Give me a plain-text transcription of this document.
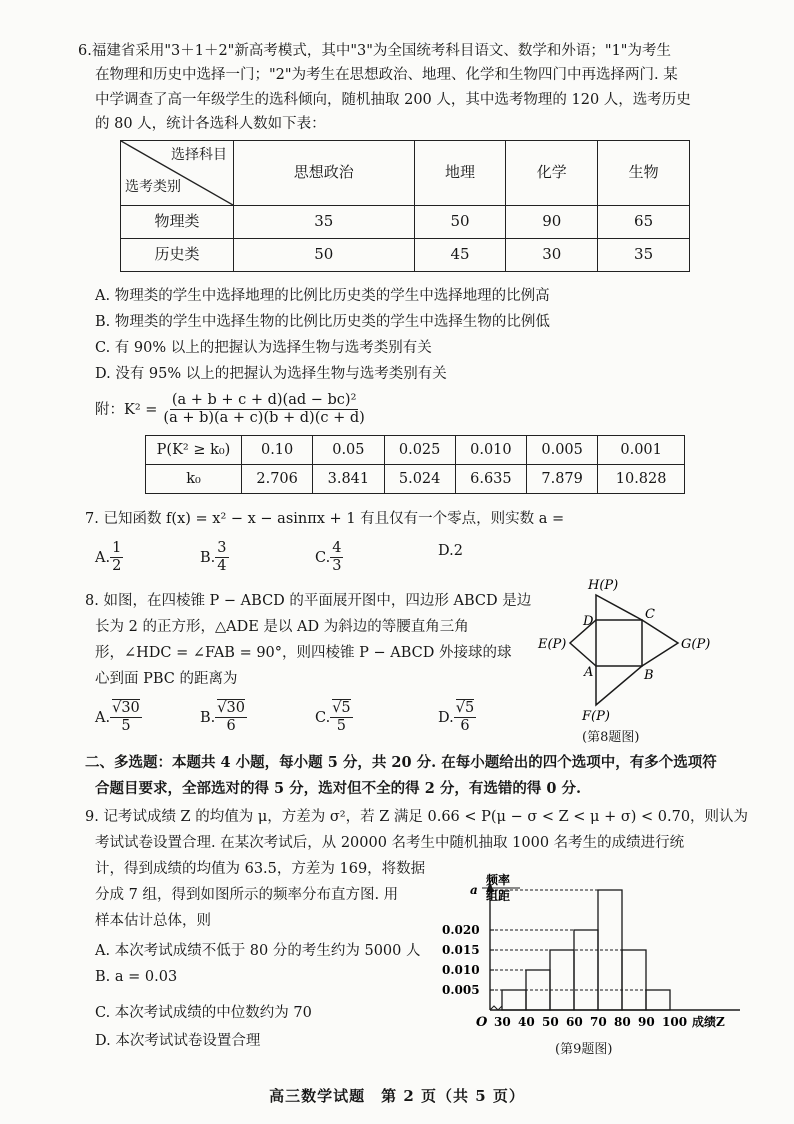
6.福建省采用"3＋1＋2"新高考模式，其中"3"为全国统考科目语文、数学和外语；"1"为考生
在物理和历史中选择一门；"2"为考生在思想政治、地理、化学和生物四门中再选择两门. 某
中学调查了高一年级学生的选科倾向，随机抽取 200 人，其中选考物理的 120 人，选考历史
的 80 人，统计各选科人数如下表：
选择科目
选考类别	思想政治	地理	化学	生物
物理类	35	50	90	65
历史类	50	45	30	35
A. 物理类的学生中选择地理的比例比历史类的学生中选择地理的比例高
B. 物理类的学生中选择生物的比例比历史类的学生中选择生物的比例低
C. 有 90% 以上的把握认为选择生物与选考类别有关
D. 没有 95% 以上的把握认为选择生物与选考类别有关
附：$K^2 = \frac{\text{(a + b + c + d)(ad − bc)²}}{(a + b)(a + c)(b + d)(c + d)}$
P(K² ≥ k₀)	0.10	0.05	0.025	0.010	0.005	0.001
k₀	2.706	3.841	5.024	6.635	7.879	10.828
7. 已知函数 f(x) = x² − x − asinπx + 1 有且仅有一个零点，则实数 a =
A. $\frac{1}{2}$	B. $\frac{3}{4}$	C. $\frac{4}{3}$	D.2
8. 如图，在四棱锥 P − ABCD 的平面展开图中，四边形 ABCD 是边
长为 2 的正方形，△ADE 是以 AD 为斜边的等腰直角三角
形，∠HDC = ∠FAB = 90°，则四棱锥 P − ABCD 外接球的球
心到面 PBC 的距离为
A. $\frac{√30}{5}$	B. $\frac{√30}{6}$	C. $\frac{√5}{5}$	D. $\frac{√5}{6}$
H(P)
D	C
E(P)	G(P)
A	B
F(P)
(第8题图)
二、多选题：本题共 4 小题，每小题 5 分，共 20 分. 在每小题给出的四个选项中，有多个选项符
合题目要求，全部选对的得 5 分，选对但不全的得 2 分，有选错的得 0 分.
9. 记考试成绩 Z 的均值为 μ，方差为 σ²，若 Z 满足 0.66 < P(μ − σ < Z < μ + σ) < 0.70，则认为
考试试卷设置合理. 在某次考试后，从 20000 名考生中随机抽取 1000 名考生的成绩进行统
计，得到成绩的均值为 63.5，方差为 169，将数据
分成 7 组，得到如图所示的频率分布直方图. 用
样本估计总体，则
A. 本次考试成绩不低于 80 分的考生约为 5000 人
B. a = 0.03
C. 本次考试成绩的中位数约为 70
D. 本次考试试卷设置合理
频率
组距
O
0.005
0.010
0.015
0.020
a
30 40 50 60 70 80 90 100 成绩Z
(第9题图)
高三数学试题　第 2 页（共 5 页）
